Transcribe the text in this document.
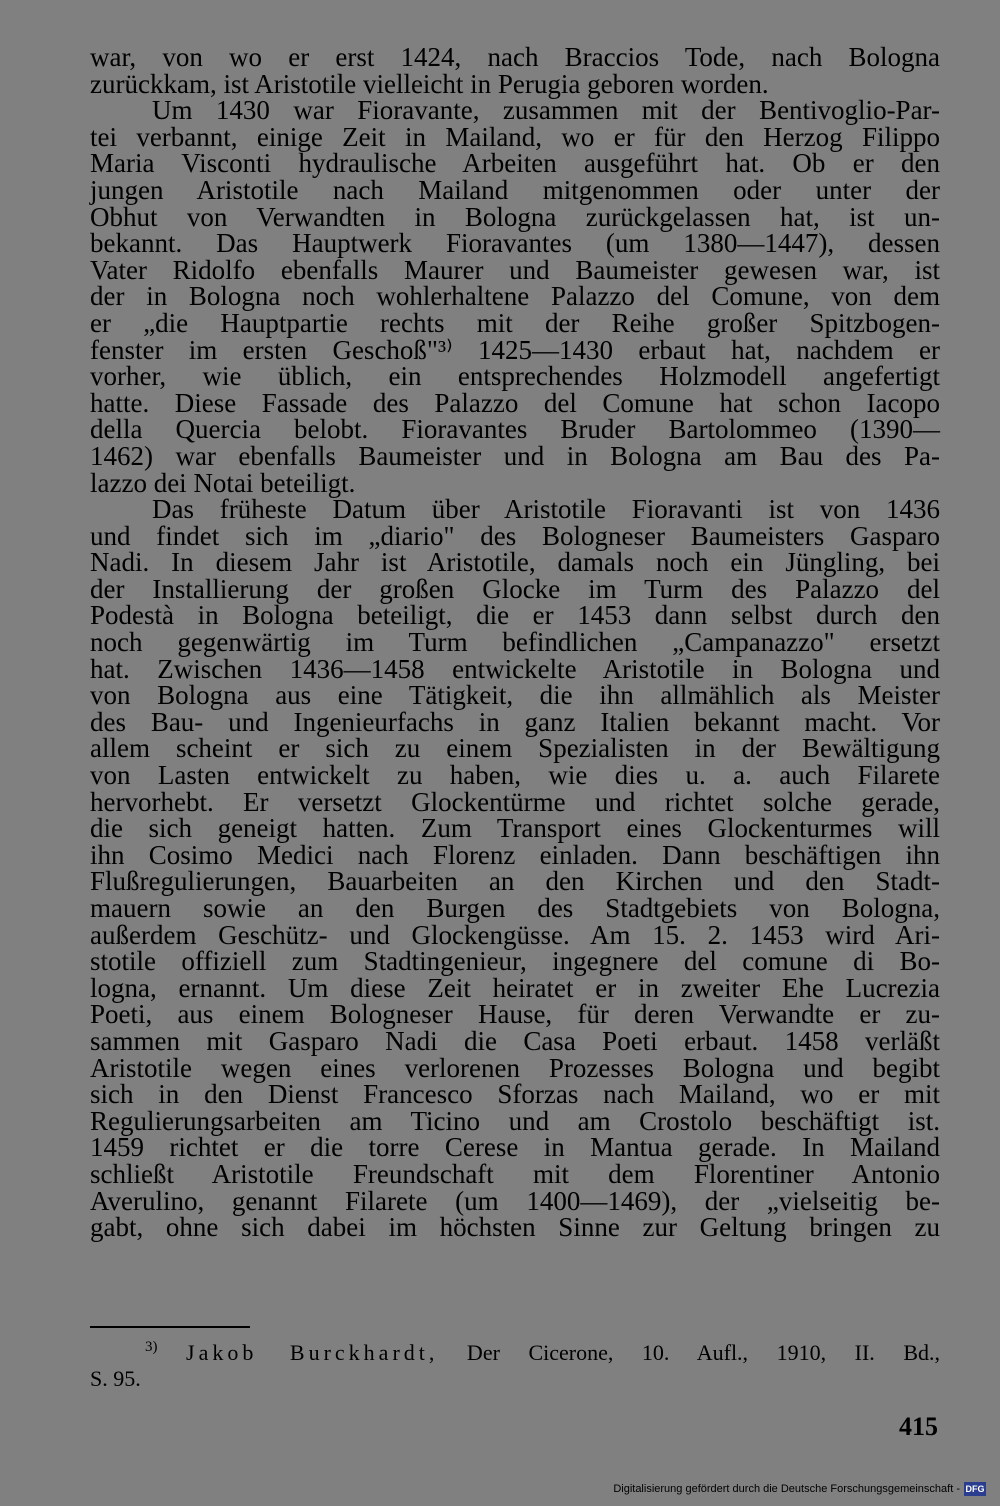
war, von wo er erst 1424, nach Braccios Tode, nach Bologna
zurückkam, ist Aristotile vielleicht in Perugia geboren worden.
Um 1430 war Fioravante, zusammen mit der Bentivoglio-Par-
tei verbannt, einige Zeit in Mailand, wo er für den Herzog Filippo
Maria Visconti hydraulische Arbeiten ausgeführt hat. Ob er den
jungen Aristotile nach Mailand mitgenommen oder unter der
Obhut von Verwandten in Bologna zurückgelassen hat, ist un-
bekannt. Das Hauptwerk Fioravantes (um 1380—1447), dessen
Vater Ridolfo ebenfalls Maurer und Baumeister gewesen war, ist
der in Bologna noch wohlerhaltene Palazzo del Comune, von dem
er „die Hauptpartie rechts mit der Reihe großer Spitzbogen-
fenster im ersten Geschoß"³⁾ 1425—1430 erbaut hat, nachdem er
vorher, wie üblich, ein entsprechendes Holzmodell angefertigt
hatte. Diese Fassade des Palazzo del Comune hat schon Iacopo
della Quercia belobt. Fioravantes Bruder Bartolommeo (1390—
1462) war ebenfalls Baumeister und in Bologna am Bau des Pa-
lazzo dei Notai beteiligt.
Das früheste Datum über Aristotile Fioravanti ist von 1436
und findet sich im „diario" des Bologneser Baumeisters Gasparo
Nadi. In diesem Jahr ist Aristotile, damals noch ein Jüngling, bei
der Installierung der großen Glocke im Turm des Palazzo del
Podestà in Bologna beteiligt, die er 1453 dann selbst durch den
noch gegenwärtig im Turm befindlichen „Campanazzo" ersetzt
hat. Zwischen 1436—1458 entwickelte Aristotile in Bologna und
von Bologna aus eine Tätigkeit, die ihn allmählich als Meister
des Bau- und Ingenieurfachs in ganz Italien bekannt macht. Vor
allem scheint er sich zu einem Spezialisten in der Bewältigung
von Lasten entwickelt zu haben, wie dies u. a. auch Filarete
hervorhebt. Er versetzt Glockentürme und richtet solche gerade,
die sich geneigt hatten. Zum Transport eines Glockenturmes will
ihn Cosimo Medici nach Florenz einladen. Dann beschäftigen ihn
Flußregulierungen, Bauarbeiten an den Kirchen und den Stadt-
mauern sowie an den Burgen des Stadtgebiets von Bologna,
außerdem Geschütz- und Glockengüsse. Am 15. 2. 1453 wird Ari-
stotile offiziell zum Stadtingenieur, ingegnere del comune di Bo-
logna, ernannt. Um diese Zeit heiratet er in zweiter Ehe Lucrezia
Poeti, aus einem Bologneser Hause, für deren Verwandte er zu-
sammen mit Gasparo Nadi die Casa Poeti erbaut. 1458 verläßt
Aristotile wegen eines verlorenen Prozesses Bologna und begibt
sich in den Dienst Francesco Sforzas nach Mailand, wo er mit
Regulierungsarbeiten am Ticino und am Crostolo beschäftigt ist.
1459 richtet er die torre Cerese in Mantua gerade. In Mailand
schließt Aristotile Freundschaft mit dem Florentiner Antonio
Averulino, genannt Filarete (um 1400—1469), der „vielseitig be-
gabt, ohne sich dabei im höchsten Sinne zur Geltung bringen zu
$^{3)}$ Jakob Burckhardt, Der Cicerone, 10. Aufl., 1910, II. Bd.,
S. 95.
415
Digitalisierung gefördert durch die Deutsche Forschungsgemeinschaft - DFG
